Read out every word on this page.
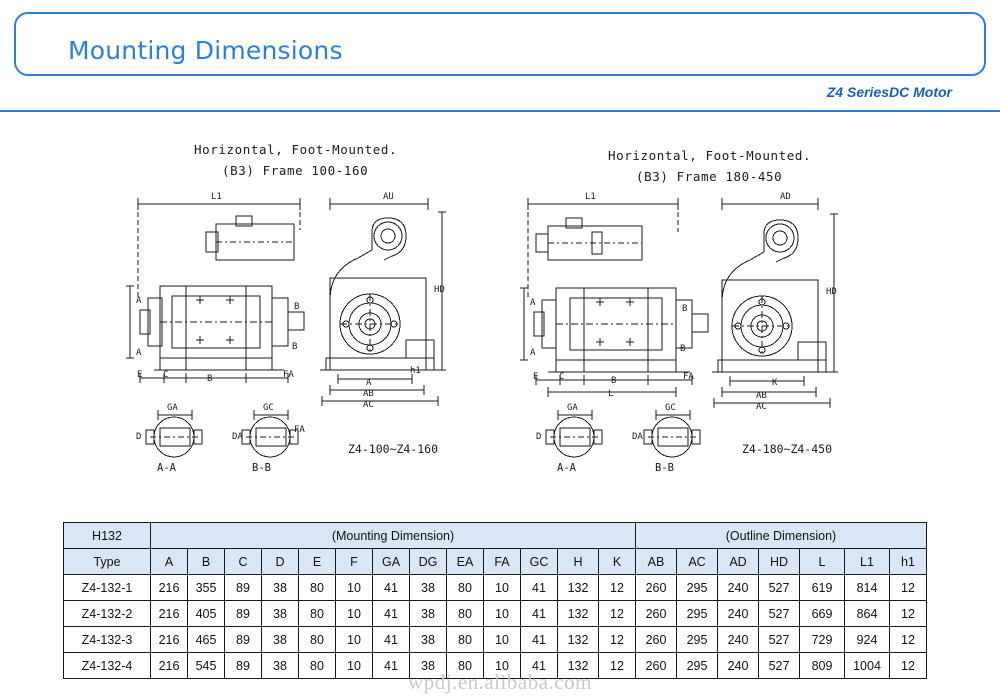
Mounting Dimensions
Z4 SeriesDC Motor
Horizontal, Foot-Mounted.
(B3) Frame 100-160
Z4-100~Z4-160
A-A	B-B
Horizontal, Foot-Mounted.
(B3) Frame 180-450
Z4-180~Z4-450
A-A	B-B
L1	AU
HD
A
B
E C	B	FA
A
B
A
AB
AC
h1
GA	GC
D	DA
FA
L1	AD
HD
A
B
E C	B	FA
A	B
L
K
AB
AC
GA	GC
D	DA
H132	(Mounting Dimension)													(Outline Dimension)						
Type	A	B	C	D	E	F	GA	DG	EA	FA	GC	H	K	AB	AC	AD	HD	L	L1	h1
Z4-132-1	216	355	89	38	80	10	41	38	80	10	41	132	12	260	295	240	527	619	814	12
Z4-132-2	216	405	89	38	80	10	41	38	80	10	41	132	12	260	295	240	527	669	864	12
Z4-132-3	216	465	89	38	80	10	41	38	80	10	41	132	12	260	295	240	527	729	924	12
Z4-132-4	216	545	89	38	80	10	41	38	80	10	41	132	12	260	295	240	527	809	1004	12
wpdj.en.alibaba.com
